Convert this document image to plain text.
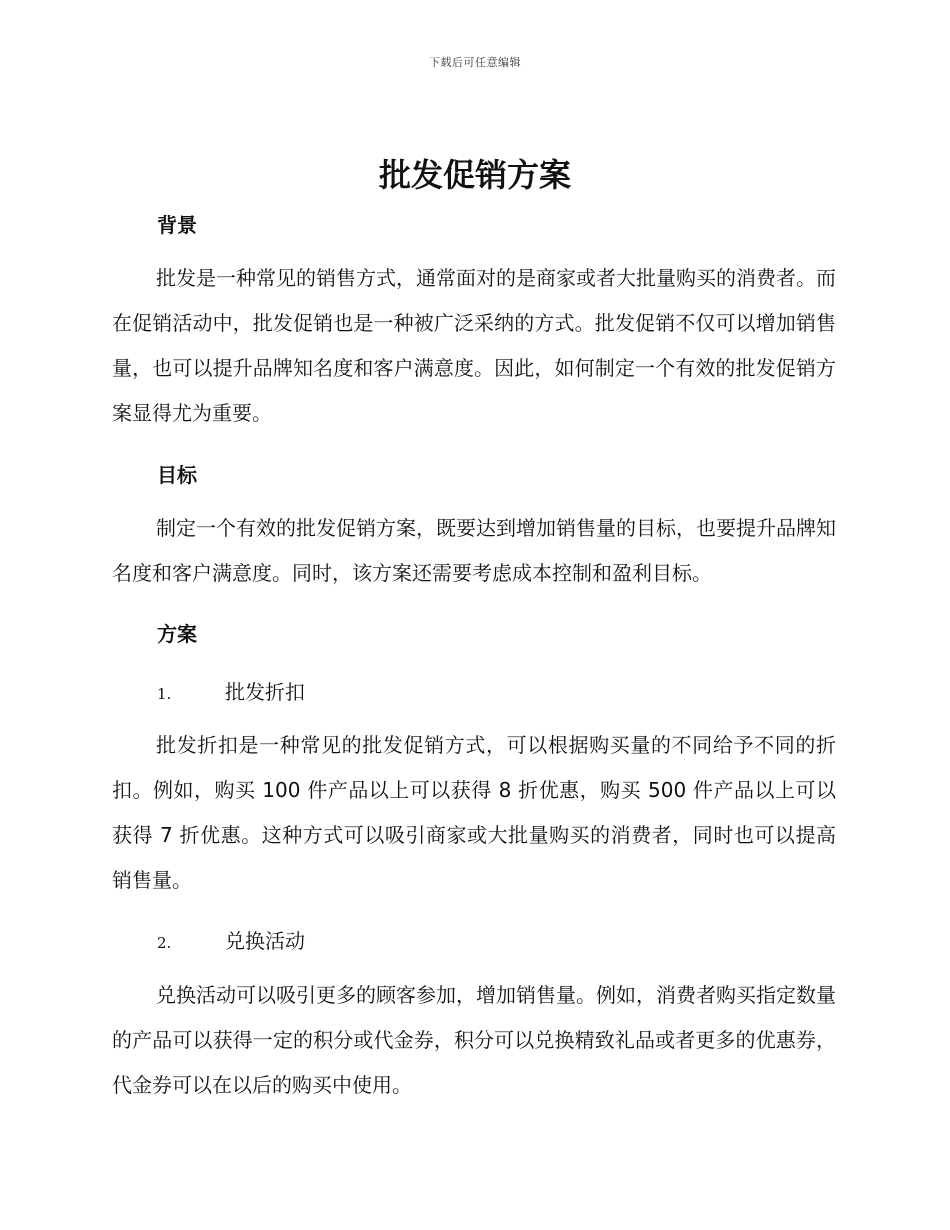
下载后可任意编辑
批发促销方案
背景

批发是一种常见的销售方式，通常面对的是商家或者大批量购买的消费者。而在促销活动中，批发促销也是一种被广泛采纳的方式。批发促销不仅可以增加销售量，也可以提升品牌知名度和客户满意度。因此，如何制定一个有效的批发促销方案显得尤为重要。

目标

制定一个有效的批发促销方案，既要达到增加销售量的目标，也要提升品牌知名度和客户满意度。同时，该方案还需要考虑成本控制和盈利目标。

方案
1.	批发折扣

批发折扣是一种常见的批发促销方式，可以根据购买量的不同给予不同的折扣。例如，购买 100 件产品以上可以获得 8 折优惠，购买 500 件产品以上可以获得 7 折优惠。这种方式可以吸引商家或大批量购买的消费者，同时也可以提高销售量。

2.	兑换活动

兑换活动可以吸引更多的顾客参加，增加销售量。例如，消费者购买指定数量的产品可以获得一定的积分或代金券，积分可以兑换精致礼品或者更多的优惠券，代金券可以在以后的购买中使用。
